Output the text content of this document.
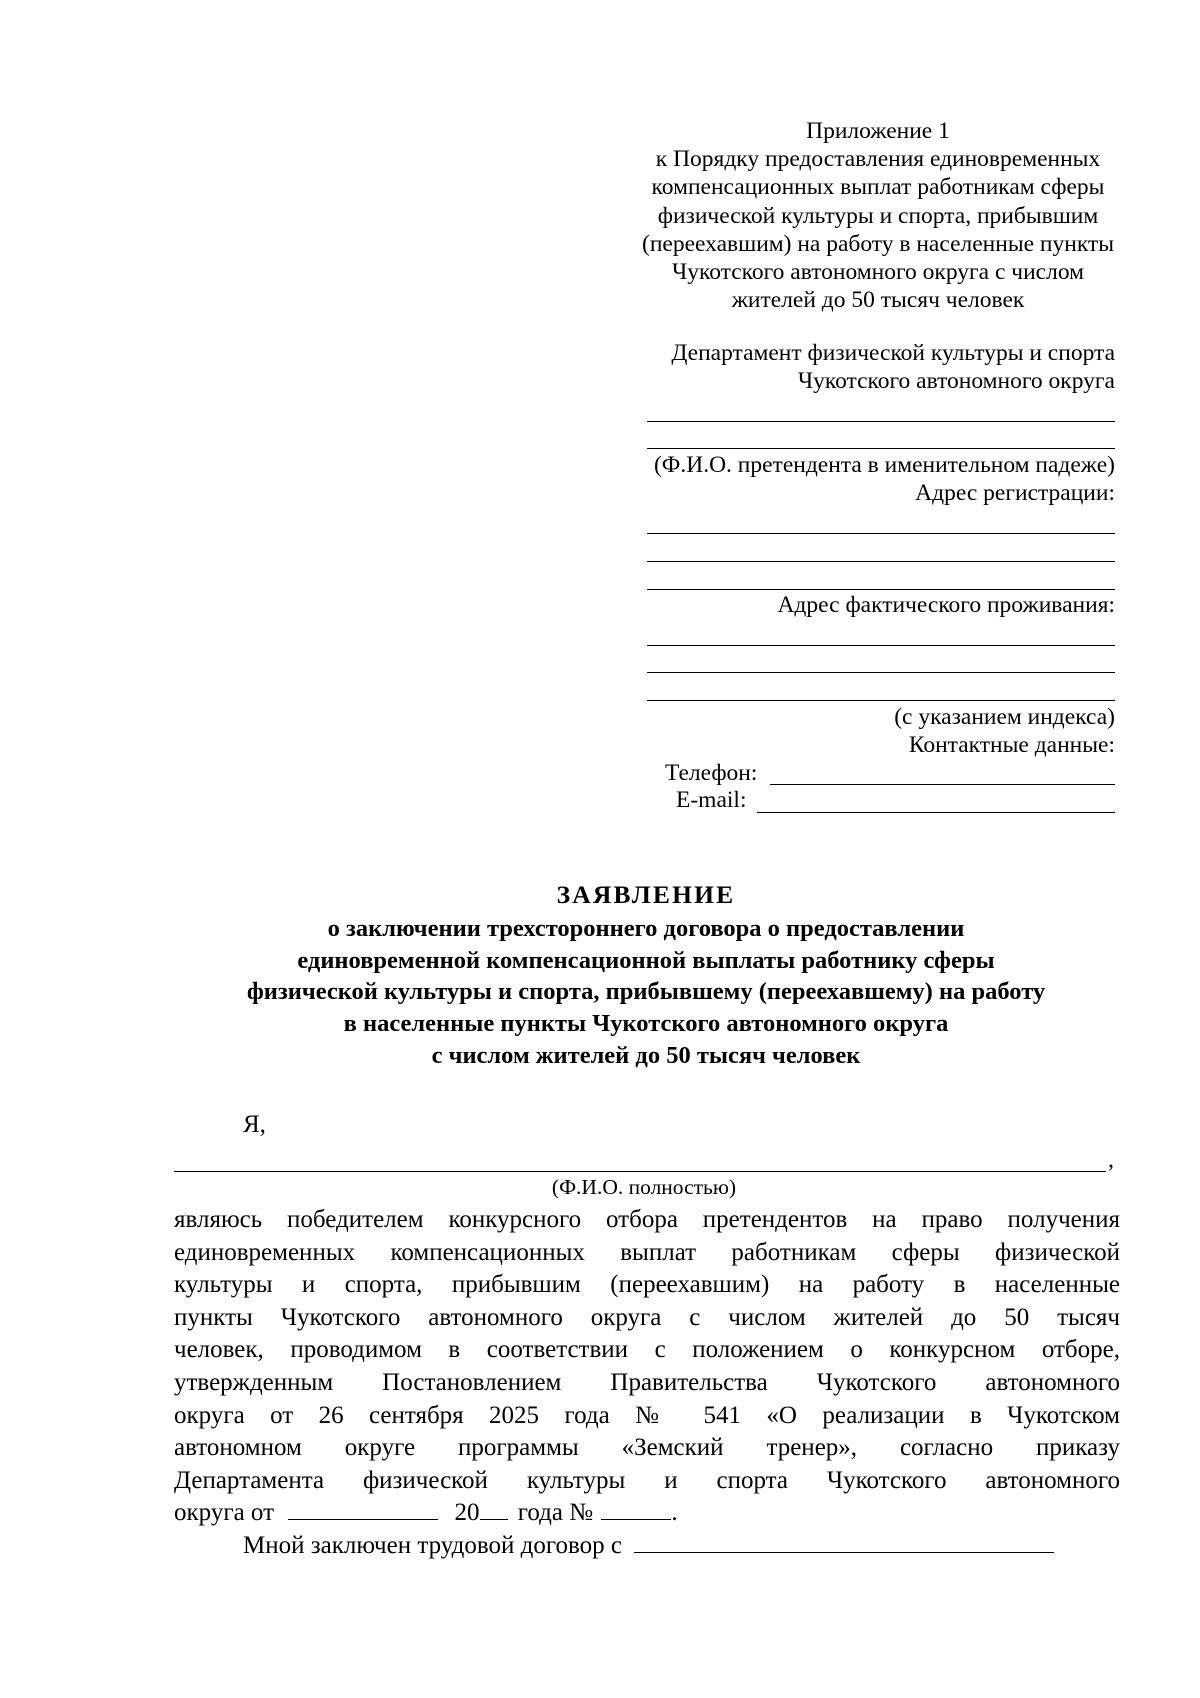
Приложение 1
к Порядку предоставления единовременных
компенсационных выплат работникам сферы
физической культуры и спорта, прибывшим
(переехавшим) на работу в населенные пункты
Чукотского автономного округа с числом
жителей до 50 тысяч человек
Департамент физической культуры и спорта
Чукотского автономного округа
(Ф.И.О. претендента в именительном падеже)
Адрес регистрации:
Адрес фактического проживания:
(с указанием индекса)
Контактные данные:
Телефон:
E-mail:
ЗАЯВЛЕНИЕ
о заключении трехстороннего договора о предоставлении
единовременной компенсационной выплаты работнику сферы
физической культуры и спорта, прибывшему (переехавшему) на работу
в населенные пункты Чукотского автономного округа
с числом жителей до 50 тысяч человек
Я,
,
(Ф.И.О. полностью)
являюсь победителем конкурсного отбора претендентов на право получения
единовременных компенсационных выплат работникам сферы физической
культуры и спорта, прибывшим (переехавшим) на работу в населенные
пункты Чукотского автономного округа с числом жителей до 50 тысяч
человек, проводимом в соответствии с положением о конкурсном отборе,
утвержденным Постановлением Правительства Чукотского автономного
округа от 26 сентября 2025 года № 541 «О реализации в Чукотском
автономном округе программы «Земский тренер», согласно приказу
Департамента физической культуры и спорта Чукотского автономного
округа от	20 года №	.
Мной заключен трудовой договор с
